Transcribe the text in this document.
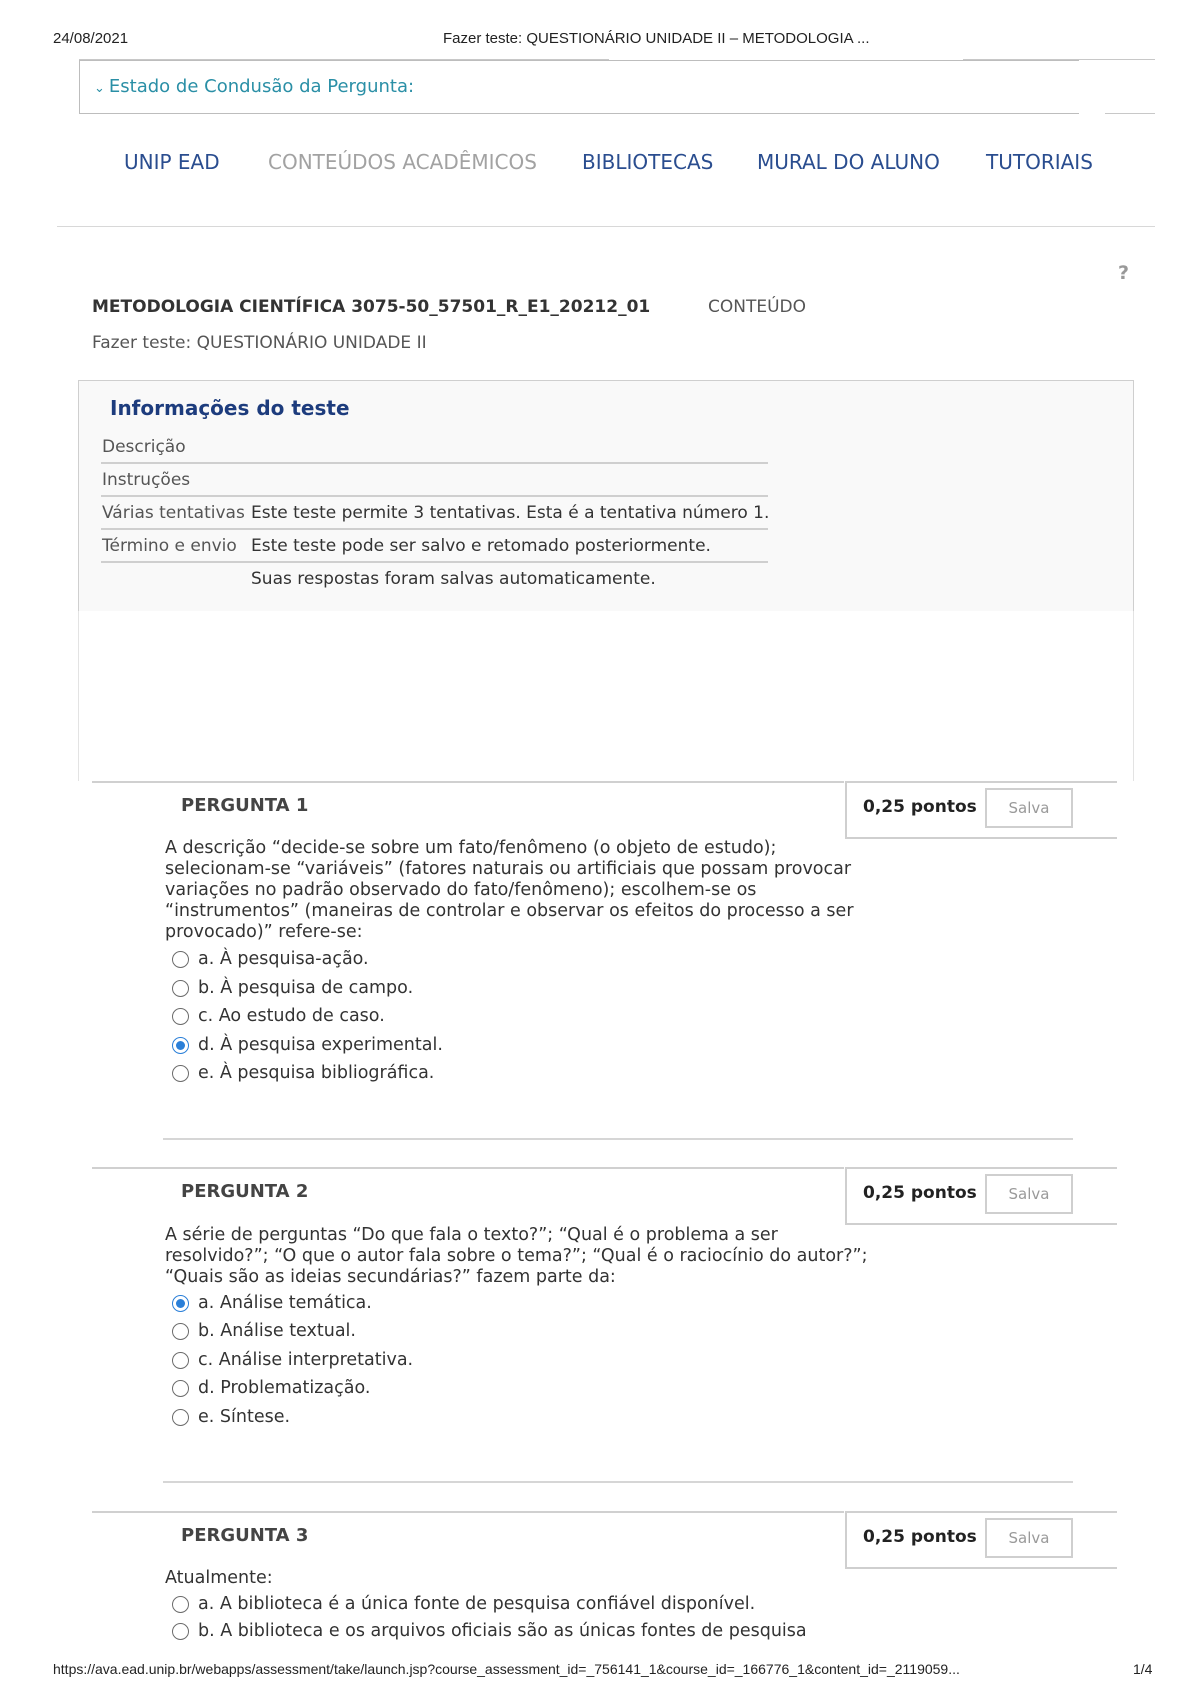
24/08/2021	Fazer teste: QUESTIONÁRIO UNIDADE II – METODOLOGIA ...
⌄ Estado de Condusão da Pergunta:
UNIP EAD CONTEÚDOS ACADÊMICOS BIBLIOTECAS MURAL DO ALUNO TUTORIAIS
?
METODOLOGIA CIENTÍFICA 3075-50_57501_R_E1_20212_01	CONTEÚDO
Fazer teste: QUESTIONÁRIO UNIDADE II
Informações do teste
Descrição
Instruções
Várias tentativas Este teste permite 3 tentativas. Esta é a tentativa número 1.
Término e envio Este teste pode ser salvo e retomado posteriormente.
Suas respostas foram salvas automaticamente.
PERGUNTA 1	0,25 pontos	Salva
A descrição “decide-se sobre um fato/fenômeno (o objeto de estudo);
selecionam-se “variáveis” (fatores naturais ou artificiais que possam provocar
variações no padrão observado do fato/fenômeno); escolhem-se os
“instrumentos” (maneiras de controlar e observar os efeitos do processo a ser
provocado)” refere-se:
a. À pesquisa-ação.
b. À pesquisa de campo.
c. Ao estudo de caso.
d. À pesquisa experimental.
e. À pesquisa bibliográfica.
PERGUNTA 2	0,25 pontos	Salva
A série de perguntas “Do que fala o texto?”; “Qual é o problema a ser
resolvido?”; “O que o autor fala sobre o tema?”; “Qual é o raciocínio do autor?”;
“Quais são as ideias secundárias?” fazem parte da:
a. Análise temática.
b. Análise textual.
c. Análise interpretativa.
d. Problematização.
e. Síntese.
PERGUNTA 3	0,25 pontos	Salva
Atualmente:
a. A biblioteca é a única fonte de pesquisa confiável disponível.
b. A biblioteca e os arquivos oficiais são as únicas fontes de pesquisa
https://ava.ead.unip.br/webapps/assessment/take/launch.jsp?course_assessment_id=_756141_1&course_id=_166776_1&content_id=_2119059...	1/4
